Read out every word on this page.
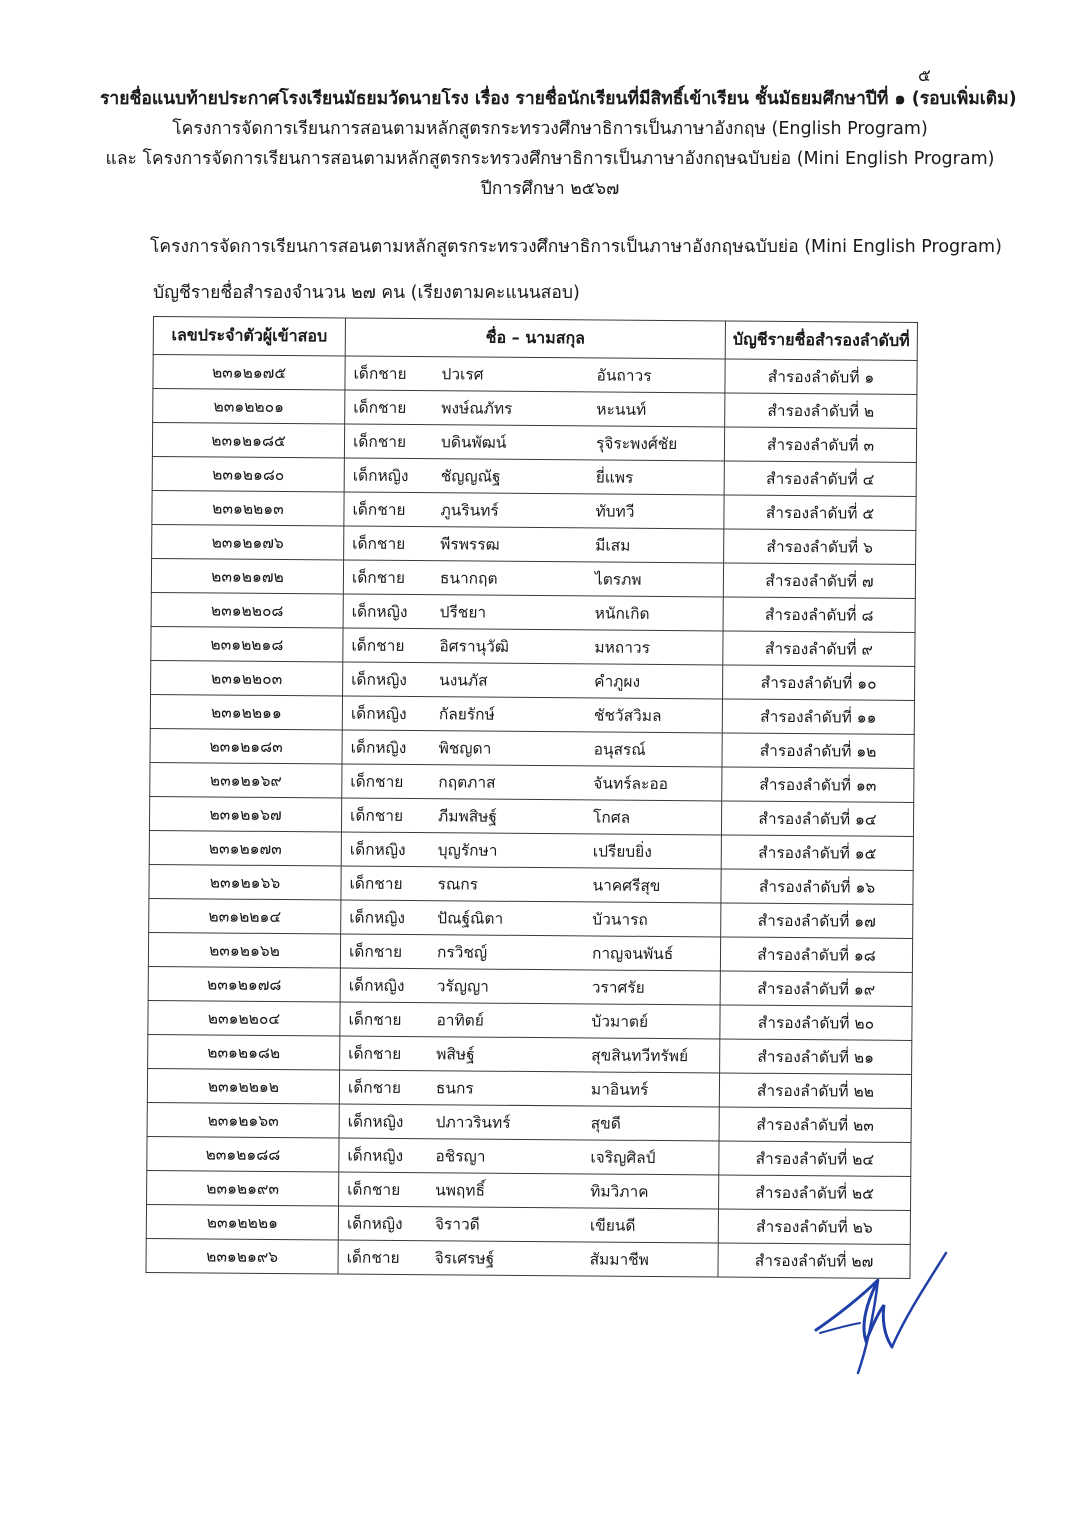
๕
รายชื่อแนบท้ายประกาศโรงเรียนมัธยมวัดนายโรง เรื่อง รายชื่อนักเรียนที่มีสิทธิ์เข้าเรียน ชั้นมัธยมศึกษาปีที่ ๑ (รอบเพิ่มเติม)
โครงการจัดการเรียนการสอนตามหลักสูตรกระทรวงศึกษาธิการเป็นภาษาอังกฤษ (English Program)
และ โครงการจัดการเรียนการสอนตามหลักสูตรกระทรวงศึกษาธิการเป็นภาษาอังกฤษฉบับย่อ (Mini English Program)
ปีการศึกษา ๒๕๖๗
โครงการจัดการเรียนการสอนตามหลักสูตรกระทรวงศึกษาธิการเป็นภาษาอังกฤษฉบับย่อ (Mini English Program)
บัญชีรายชื่อสำรองจำนวน ๒๗ คน (เรียงตามคะแนนสอบ)
เลขประจำตัวผู้เข้าสอบ	ชื่อ – นามสกุล	บัญชีรายชื่อสำรองลำดับที่
๒๓๑๒๑๗๕	เด็กชาย ปวเรศ อันถาวร	สำรองลำดับที่ ๑
๒๓๑๒๒๐๑	เด็กชาย พงษ์ณภัทร หะนนท์	สำรองลำดับที่ ๒
๒๓๑๒๑๘๕	เด็กชาย บดินพัฒน์ รุจิระพงศ์ชัย	สำรองลำดับที่ ๓
๒๓๑๒๑๘๐	เด็กหญิง ชัญญณัฐ ยี่แพร	สำรองลำดับที่ ๔
๒๓๑๒๒๑๓	เด็กชาย ภูนรินทร์ ทับทวี	สำรองลำดับที่ ๕
๒๓๑๒๑๗๖	เด็กชาย พีรพรรฒ มีเสม	สำรองลำดับที่ ๖
๒๓๑๒๑๗๒	เด็กชาย ธนากฤต ไตรภพ	สำรองลำดับที่ ๗
๒๓๑๒๒๐๘	เด็กหญิง ปรีชยา หนักเกิด	สำรองลำดับที่ ๘
๒๓๑๒๒๑๘	เด็กชาย อิศรานุวัฒิ มหถาวร	สำรองลำดับที่ ๙
๒๓๑๒๒๐๓	เด็กหญิง นงนภัส คำภูผง	สำรองลำดับที่ ๑๐
๒๓๑๒๒๑๑	เด็กหญิง กัลยรักษ์ ชัชวัสวิมล	สำรองลำดับที่ ๑๑
๒๓๑๒๑๘๓	เด็กหญิง พิชญดา อนุสรณ์	สำรองลำดับที่ ๑๒
๒๓๑๒๑๖๙	เด็กชาย กฤตภาส จันทร์ละออ	สำรองลำดับที่ ๑๓
๒๓๑๒๑๖๗	เด็กชาย ภีมพสิษฐ์ โกศล	สำรองลำดับที่ ๑๔
๒๓๑๒๑๗๓	เด็กหญิง บุญรักษา เปรียบยิ่ง	สำรองลำดับที่ ๑๕
๒๓๑๒๑๖๖	เด็กชาย รณกร นาคศรีสุข	สำรองลำดับที่ ๑๖
๒๓๑๒๒๑๔	เด็กหญิง ปัณฐ์ณิตา บัวนารถ	สำรองลำดับที่ ๑๗
๒๓๑๒๑๖๒	เด็กชาย กรวิชญ์ กาญจนพันธ์	สำรองลำดับที่ ๑๘
๒๓๑๒๑๗๘	เด็กหญิง วรัญญา วราศรัย	สำรองลำดับที่ ๑๙
๒๓๑๒๒๐๔	เด็กชาย อาทิตย์ บัวมาตย์	สำรองลำดับที่ ๒๐
๒๓๑๒๑๘๒	เด็กชาย พสิษฐ์ สุขสินทวีทรัพย์	สำรองลำดับที่ ๒๑
๒๓๑๒๒๑๒	เด็กชาย ธนกร มาอินทร์	สำรองลำดับที่ ๒๒
๒๓๑๒๑๖๓	เด็กหญิง ปภาวรินทร์ สุขดี	สำรองลำดับที่ ๒๓
๒๓๑๒๑๘๘	เด็กหญิง อชิรญา เจริญศิลป์	สำรองลำดับที่ ๒๔
๒๓๑๒๑๙๓	เด็กชาย นพฤทธิ์ ทิมวิภาค	สำรองลำดับที่ ๒๕
๒๓๑๒๒๒๑	เด็กหญิง จิราวดี เขียนดี	สำรองลำดับที่ ๒๖
๒๓๑๒๑๙๖	เด็กชาย จิรเศรษฐ์ สัมมาชีพ	สำรองลำดับที่ ๒๗
